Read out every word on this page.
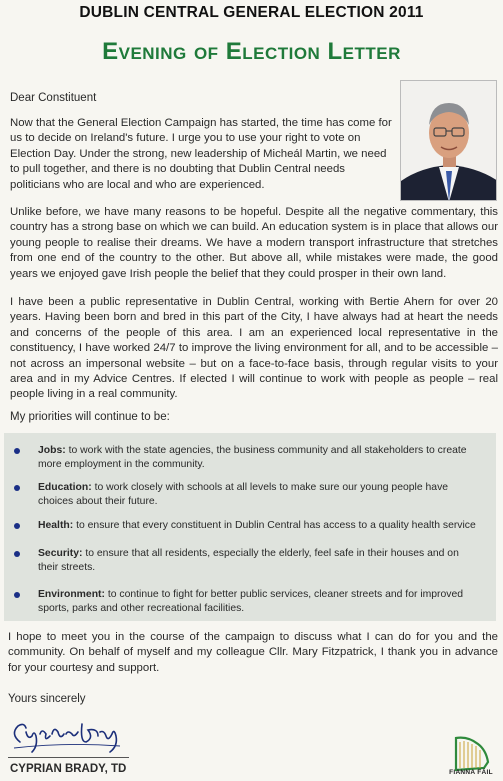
DUBLIN CENTRAL GENERAL ELECTION 2011
Evening of Election Letter
Dear Constituent
Now that the General Election Campaign has started, the time has come for us to decide on Ireland's future. I urge you to use your right to vote on Election Day. Under the strong, new leadership of Micheál Martin, we need to pull together, and there is no doubting that Dublin Central needs politicians who are local and who are experienced.
Unlike before, we have many reasons to be hopeful. Despite all the negative commentary, this country has a strong base on which we can build. An education system is in place that allows our young people to realise their dreams. We have a modern transport infrastructure that stretches from one end of the country to the other. But above all, while mistakes were made, the good years we enjoyed gave Irish people the belief that they could prosper in their own land.
I have been a public representative in Dublin Central, working with Bertie Ahern for over 20 years. Having been born and bred in this part of the City, I have always had at heart the needs and concerns of the people of this area. I am an experienced local representative in the constituency, I have worked 24/7 to improve the living environment for all, and to be accessible – not across an impersonal website – but on a face-to-face basis, through regular visits to your area and in my Advice Centres. If elected I will continue to work with people as people – real people living in a real community.
My priorities will continue to be:
Jobs: to work with the state agencies, the business community and all stakeholders to create more employment in the community.
Education: to work closely with schools at all levels to make sure our young people have choices about their future.
Health: to ensure that every constituent in Dublin Central has access to a quality health service
Security: to ensure that all residents, especially the elderly, feel safe in their houses and on their streets.
Environment: to continue to fight for better public services, cleaner streets and for improved sports, parks and other recreational facilities.
I hope to meet you in the course of the campaign to discuss what I can do for you and the community. On behalf of myself and my colleague Cllr. Mary Fitzpatrick, I thank you in advance for your courtesy and support.
Yours sincerely
CYPRIAN BRADY, TD	FIANNA FÁIL
